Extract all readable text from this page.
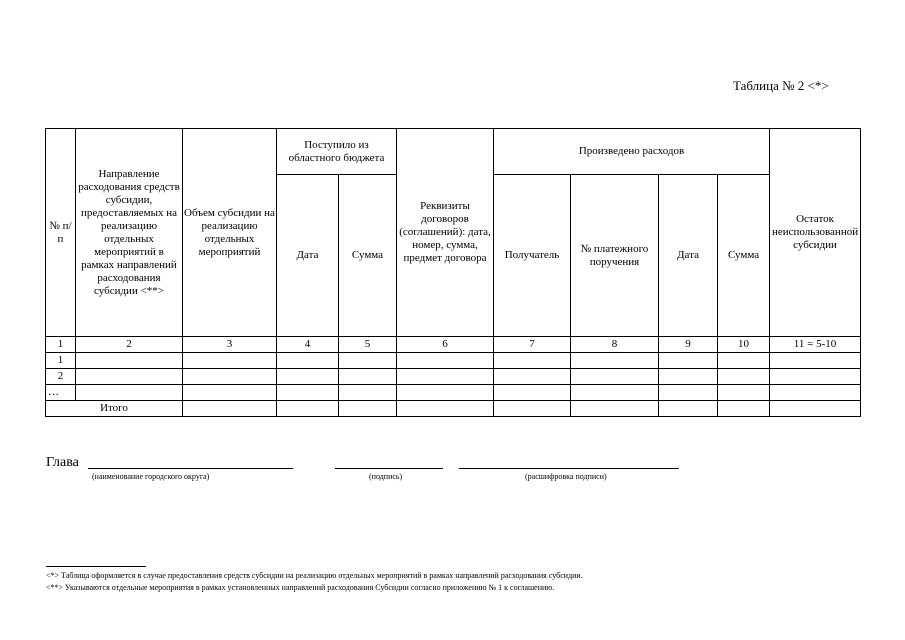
Таблица № 2 <*>
№ п/п	Направление расходования средств субсидии, предоставляемых на реализацию отдельных мероприятий в рамках направлений расходования субсидии <**>	Объем субсидии на реализацию отдельных мероприятий	Поступило из областного бюджета		Реквизиты договоров (соглашений): дата, номер, сумма, предмет договора	Произведено расходов				Остаток неиспользованной субсидии
			Дата	Сумма		Получатель	№ платежного поручения	Дата	Сумма	
1	2	3	4	5	6	7	8	9	10	11 = 5-10
1										
2										
…										
Итого										
Глава
(наименование городского округа)	(подпись)	(расшифровка подписи)
<*> Таблица оформляется в случае предоставления средств субсидии на реализацию отдельных мероприятий в рамках направлений расходования субсидии.
<**> Указываются отдельные мероприятия в рамках установленных направлений расходования Субсидии согласно приложению № 1 к соглашению.
